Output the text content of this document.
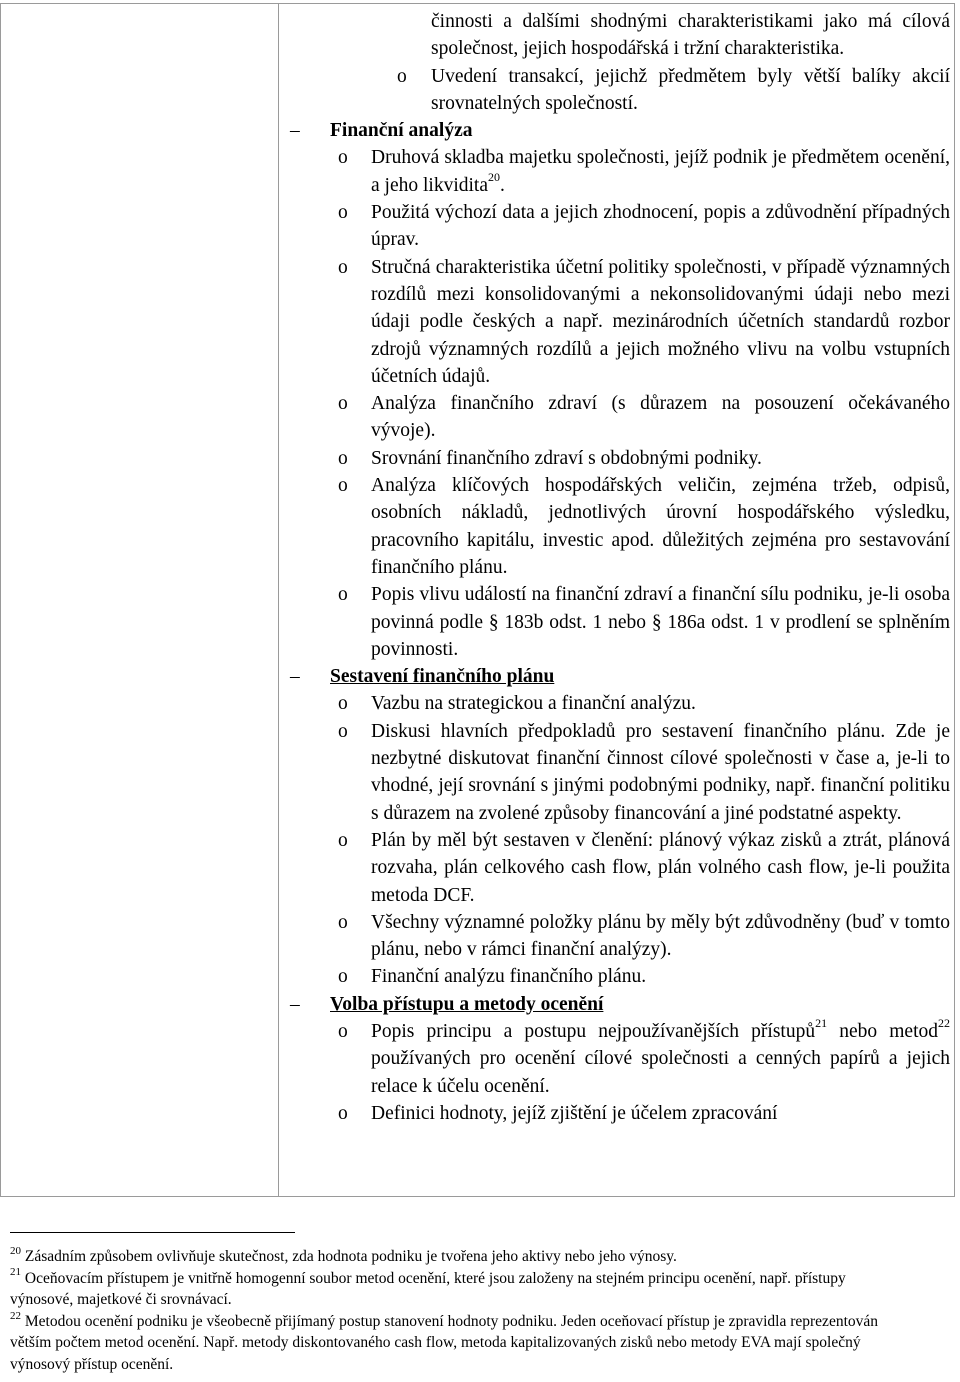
činnosti a dalšími shodnými charakteristikami jako má cílová společnost, jejich hospodářská i tržní charakteristika.
o Uvedení transakcí, jejichž předmětem byly větší balíky akcií srovnatelných společností.
– Finanční analýza
o Druhová skladba majetku společnosti, jejíž podnik je předmětem ocenění, a jeho likvidita$^{20}$.
o Použitá výchozí data a jejich zhodnocení, popis a zdůvodnění případných úprav.
o Stručná charakteristika účetní politiky společnosti, v případě významných rozdílů mezi konsolidovanými a nekonsolidovanými údaji nebo mezi údaji podle českých a např. mezinárodních účetních standardů rozbor zdrojů významných rozdílů a jejich možného vlivu na volbu vstupních účetních údajů.
o Analýza finančního zdraví (s důrazem na posouzení očekávaného vývoje).
o Srovnání finančního zdraví s obdobnými podniky.
o Analýza klíčových hospodářských veličin, zejména tržeb, odpisů, osobních nákladů, jednotlivých úrovní hospodářského výsledku, pracovního kapitálu, investic apod. důležitých zejména pro sestavování finančního plánu.
o Popis vlivu událostí na finanční zdraví a finanční sílu podniku, je-li osoba povinná podle § 183b odst. 1 nebo § 186a odst. 1 v prodlení se splněním povinnosti.
– Sestavení finančního plánu
o Vazbu na strategickou a finanční analýzu.
o Diskusi hlavních předpokladů pro sestavení finančního plánu. Zde je nezbytné diskutovat finanční činnost cílové společnosti v čase a, je-li to vhodné, její srovnání s jinými podobnými podniky, např. finanční politiku s důrazem na zvolené způsoby financování a jiné podstatné aspekty.
o Plán by měl být sestaven v členění: plánový výkaz zisků a ztrát, plánová rozvaha, plán celkového cash flow, plán volného cash flow, je-li použita metoda DCF.
o Všechny významné položky plánu by měly být zdůvodněny (buď v tomto plánu, nebo v rámci finanční analýzy).
o Finanční analýzu finančního plánu.
– Volba přístupu a metody ocenění
o Popis principu a postupu nejpoužívanějších přístupů$^{21}$ nebo metod$^{22}$ používaných pro ocenění cílové společnosti a cenných papírů a jejich relace k účelu ocenění.
o Definici hodnoty, jejíž zjištění je účelem zpracování

$^{20}$ Zásadním způsobem ovlivňuje skutečnost, zda hodnota podniku je tvořena jeho aktivy nebo jeho výnosy.

$^{21}$ Oceňovacím přístupem je vnitřně homogenní soubor metod ocenění, které jsou založeny na stejném principu ocenění, např. přístupy výnosové, majetkové či srovnávací.

$^{22}$ Metodou ocenění podniku je všeobecně přijímaný postup stanovení hodnoty podniku. Jeden oceňovací přístup je zpravidla reprezentován větším počtem metod ocenění. Např. metody diskontovaného cash flow, metoda kapitalizovaných zisků nebo metody EVA mají společný výnosový přístup ocenění.
